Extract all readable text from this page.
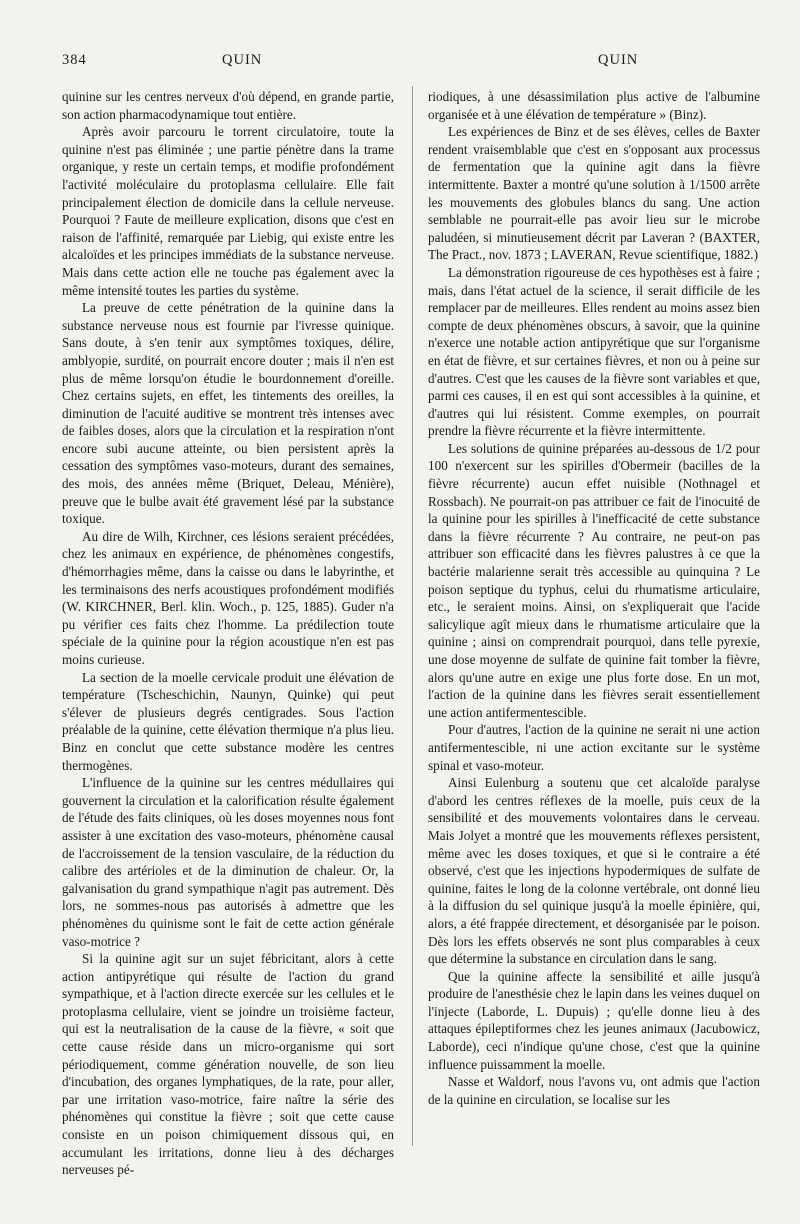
384	QUIN	QUIN

quinine sur les centres nerveux d'où dépend, en grande partie, son action pharmacodynamique tout entière.

Après avoir parcouru le torrent circulatoire, toute la quinine n'est pas éliminée ; une partie pénètre dans la trame organique, y reste un certain temps, et modifie profondément l'activité moléculaire du protoplasma cellulaire. Elle fait principalement élection de domicile dans la cellule nerveuse. Pourquoi ? Faute de meilleure explication, disons que c'est en raison de l'affinité, remarquée par Liebig, qui existe entre les alcaloïdes et les principes immédiats de la substance nerveuse. Mais dans cette action elle ne touche pas également avec la même intensité toutes les parties du système.

La preuve de cette pénétration de la quinine dans la substance nerveuse nous est fournie par l'ivresse quinique. Sans doute, à s'en tenir aux symptômes toxiques, délire, amblyopie, surdité, on pourrait encore douter ; mais il n'en est plus de même lorsqu'on étudie le bourdonnement d'oreille. Chez certains sujets, en effet, les tintements des oreilles, la diminution de l'acuité auditive se montrent très intenses avec de faibles doses, alors que la circulation et la respiration n'ont encore subi aucune atteinte, ou bien persistent après la cessation des symptômes vaso-moteurs, durant des semaines, des mois, des années même (Briquet, Deleau, Ménière), preuve que le bulbe avait été gravement lésé par la substance toxique.

Au dire de Wilh, Kirchner, ces lésions seraient précédées, chez les animaux en expérience, de phénomènes congestifs, d'hémorrhagies même, dans la caisse ou dans le labyrinthe, et les terminaisons des nerfs acoustiques profondément modifiés (W. KIRCHNER, Berl. klin. Woch., p. 125, 1885). Guder n'a pu vérifier ces faits chez l'homme. La prédilection toute spéciale de la quinine pour la région acoustique n'en est pas moins curieuse.

La section de la moelle cervicale produit une élévation de température (Tscheschichin, Naunyn, Quinke) qui peut s'élever de plusieurs degrés centigrades. Sous l'action préalable de la quinine, cette élévation thermique n'a plus lieu. Binz en conclut que cette substance modère les centres thermogènes.

L'influence de la quinine sur les centres médullaires qui gouvernent la circulation et la calorification résulte également de l'étude des faits cliniques, où les doses moyennes nous font assister à une excitation des vaso-moteurs, phénomène causal de l'accroissement de la tension vasculaire, de la réduction du calibre des artérioles et de la diminution de chaleur. Or, la galvanisation du grand sympathique n'agit pas autrement. Dès lors, ne sommes-nous pas autorisés à admettre que les phénomènes du quinisme sont le fait de cette action générale vaso-motrice ?

Si la quinine agit sur un sujet fébricitant, alors à cette action antipyrétique qui résulte de l'action du grand sympathique, et à l'action directe exercée sur les cellules et le protoplasma cellulaire, vient se joindre un troisième facteur, qui est la neutralisation de la cause de la fièvre, « soit que cette cause réside dans un micro-organisme qui sort périodiquement, comme génération nouvelle, de son lieu d'incubation, des organes lymphatiques, de la rate, pour aller, par une irritation vaso-motrice, faire naître la série des phénomènes qui constitue la fièvre ; soit que cette cause consiste en un poison chimiquement dissous qui, en accumulant les irritations, donne lieu à des décharges nerveuses pé-

riodiques, à une désassimilation plus active de l'albumine organisée et à une élévation de température » (Binz).

Les expériences de Binz et de ses élèves, celles de Baxter rendent vraisemblable que c'est en s'opposant aux processus de fermentation que la quinine agit dans la fièvre intermittente. Baxter a montré qu'une solution à 1/1500 arrête les mouvements des globules blancs du sang. Une action semblable ne pourrait-elle pas avoir lieu sur le microbe paludéen, si minutieusement décrit par Laveran ? (BAXTER, The Pract., nov. 1873 ; LAVERAN, Revue scientifique, 1882.)

La démonstration rigoureuse de ces hypothèses est à faire ; mais, dans l'état actuel de la science, il serait difficile de les remplacer par de meilleures. Elles rendent au moins assez bien compte de deux phénomènes obscurs, à savoir, que la quinine n'exerce une notable action antipyrétique que sur l'organisme en état de fièvre, et sur certaines fièvres, et non ou à peine sur d'autres. C'est que les causes de la fièvre sont variables et que, parmi ces causes, il en est qui sont accessibles à la quinine, et d'autres qui lui résistent. Comme exemples, on pourrait prendre la fièvre récurrente et la fièvre intermittente.

Les solutions de quinine préparées au-dessous de 1/2 pour 100 n'exercent sur les spirilles d'Obermeir (bacilles de la fièvre récurrente) aucun effet nuisible (Nothnagel et Rossbach). Ne pourrait-on pas attribuer ce fait de l'inocuité de la quinine pour les spirilles à l'inefficacité de cette substance dans la fièvre récurrente ? Au contraire, ne peut-on pas attribuer son efficacité dans les fièvres palustres à ce que la bactérie malarienne serait très accessible au quinquina ? Le poison septique du typhus, celui du rhumatisme articulaire, etc., le seraient moins. Ainsi, on s'expliquerait que l'acide salicylique agît mieux dans le rhumatisme articulaire que la quinine ; ainsi on comprendrait pourquoi, dans telle pyrexie, une dose moyenne de sulfate de quinine fait tomber la fièvre, alors qu'une autre en exige une plus forte dose. En un mot, l'action de la quinine dans les fièvres serait essentiellement une action antifermentescible.

Pour d'autres, l'action de la quinine ne serait ni une action antifermentescible, ni une action excitante sur le système spinal et vaso-moteur.

Ainsi Eulenburg a soutenu que cet alcaloïde paralyse d'abord les centres réflexes de la moelle, puis ceux de la sensibilité et des mouvements volontaires dans le cerveau. Mais Jolyet a montré que les mouvements réflexes persistent, même avec les doses toxiques, et que si le contraire a été observé, c'est que les injections hypodermiques de sulfate de quinine, faites le long de la colonne vertébrale, ont donné lieu à la diffusion du sel quinique jusqu'à la moelle épinière, qui, alors, a été frappée directement, et désorganisée par le poison. Dès lors les effets observés ne sont plus comparables à ceux que détermine la substance en circulation dans le sang.

Que la quinine affecte la sensibilité et aille jusqu'à produire de l'anesthésie chez le lapin dans les veines duquel on l'injecte (Laborde, L. Dupuis) ; qu'elle donne lieu à des attaques épileptiformes chez les jeunes animaux (Jacubowicz, Laborde), ceci n'indique qu'une chose, c'est que la quinine influence puissamment la moelle.

Nasse et Waldorf, nous l'avons vu, ont admis que l'action de la quinine en circulation, se localise sur les
